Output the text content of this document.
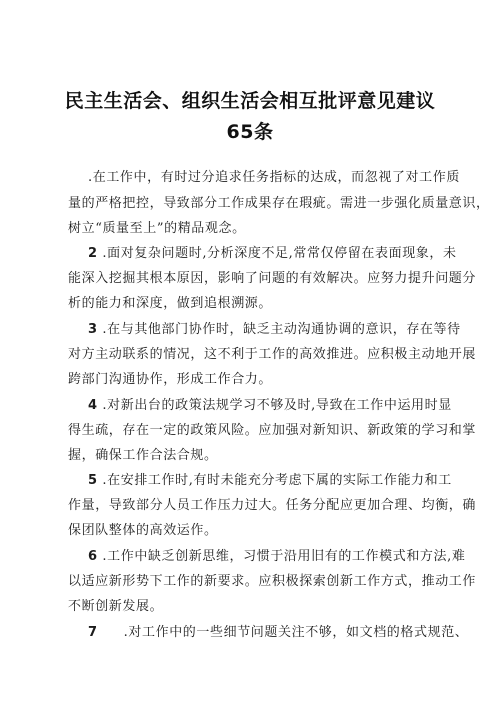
民主生活会、组织生活会相互批评意见建议
65条
.在工作中，有时过分追求任务指标的达成，而忽视了对工作质
量的严格把控，导致部分工作成果存在瑕疵。需进一步强化质量意识，
树立“质量至上”的精品观念。
2 .面对复杂问题时,分析深度不足,常常仅停留在表面现象，未
能深入挖掘其根本原因，影响了问题的有效解决。应努力提升问题分
析的能力和深度，做到追根溯源。
3 .在与其他部门协作时，缺乏主动沟通协调的意识，存在等待
对方主动联系的情况，这不利于工作的高效推进。应积极主动地开展
跨部门沟通协作，形成工作合力。
4 .对新出台的政策法规学习不够及时,导致在工作中运用时显
得生疏，存在一定的政策风险。应加强对新知识、新政策的学习和掌
握，确保工作合法合规。
5 .在安排工作时,有时未能充分考虑下属的实际工作能力和工
作量，导致部分人员工作压力过大。任务分配应更加合理、均衡，确
保团队整体的高效运作。
6 .工作中缺乏创新思维，习惯于沿用旧有的工作模式和方法,难
以适应新形势下工作的新要求。应积极探索创新工作方式，推动工作
不断创新发展。
7 .对工作中的一些细节问题关注不够，如文档的格式规范、
